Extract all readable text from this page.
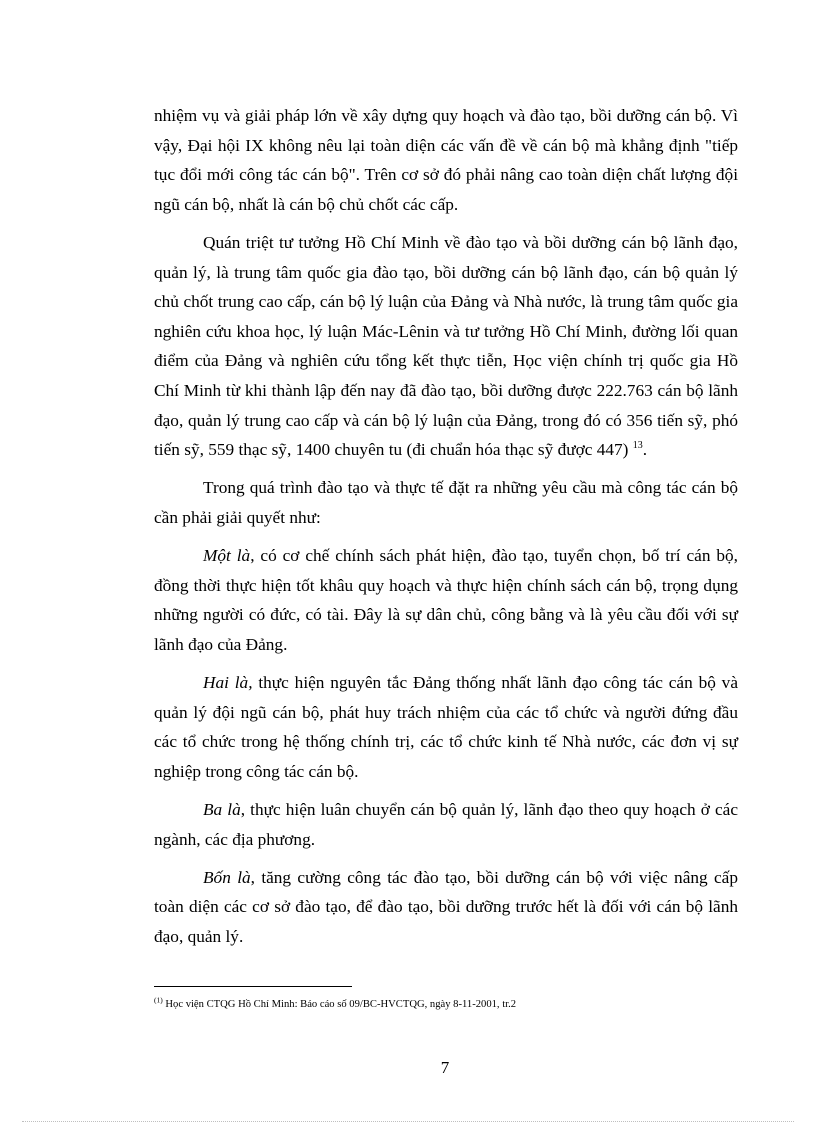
nhiệm vụ và giải pháp lớn về xây dựng quy hoạch và đào tạo, bồi dưỡng cán bộ. Vì vậy, Đại hội IX không nêu lại toàn diện các vấn đề về cán bộ mà khẳng định "tiếp tục đổi mới công tác cán bộ". Trên cơ sở đó phải nâng cao toàn diện chất lượng đội ngũ cán bộ, nhất là cán bộ chủ chốt các cấp.

Quán triệt tư tưởng Hồ Chí Minh về đào tạo và bồi dưỡng cán bộ lãnh đạo, quản lý, là trung tâm quốc gia đào tạo, bồi dưỡng cán bộ lãnh đạo, cán bộ quản lý chủ chốt trung cao cấp, cán bộ lý luận của Đảng và Nhà nước, là trung tâm quốc gia nghiên cứu khoa học, lý luận Mác-Lênin và tư tưởng Hồ Chí Minh, đường lối quan điểm của Đảng và nghiên cứu tổng kết thực tiễn, Học viện chính trị quốc gia Hồ Chí Minh từ khi thành lập đến nay đã đào tạo, bồi dưỡng được 222.763 cán bộ lãnh đạo, quản lý trung cao cấp và cán bộ lý luận của Đảng, trong đó có 356 tiến sỹ, phó tiến sỹ, 559 thạc sỹ, 1400 chuyên tu (đi chuẩn hóa thạc sỹ được 447) $^{13}$.

Trong quá trình đào tạo và thực tế đặt ra những yêu cầu mà công tác cán bộ cần phải giải quyết như:

Một là, có cơ chế chính sách phát hiện, đào tạo, tuyển chọn, bố trí cán bộ, đồng thời thực hiện tốt khâu quy hoạch và thực hiện chính sách cán bộ, trọng dụng những người có đức, có tài. Đây là sự dân chủ, công bằng và là yêu cầu đối với sự lãnh đạo của Đảng.

Hai là, thực hiện nguyên tắc Đảng thống nhất lãnh đạo công tác cán bộ và quản lý đội ngũ cán bộ, phát huy trách nhiệm của các tổ chức và người đứng đầu các tổ chức trong hệ thống chính trị, các tổ chức kinh tế Nhà nước, các đơn vị sự nghiệp trong công tác cán bộ.

Ba là, thực hiện luân chuyển cán bộ quản lý, lãnh đạo theo quy hoạch ở các ngành, các địa phương.

Bốn là, tăng cường công tác đào tạo, bồi dưỡng cán bộ với việc nâng cấp toàn diện các cơ sở đào tạo, để đào tạo, bồi dưỡng trước hết là đối với cán bộ lãnh đạo, quản lý.

$^{(1)}$ Học viện CTQG Hồ Chí Minh: Báo cáo số 09/BC-HVCTQG, ngày 8-11-2001, tr.2
7
